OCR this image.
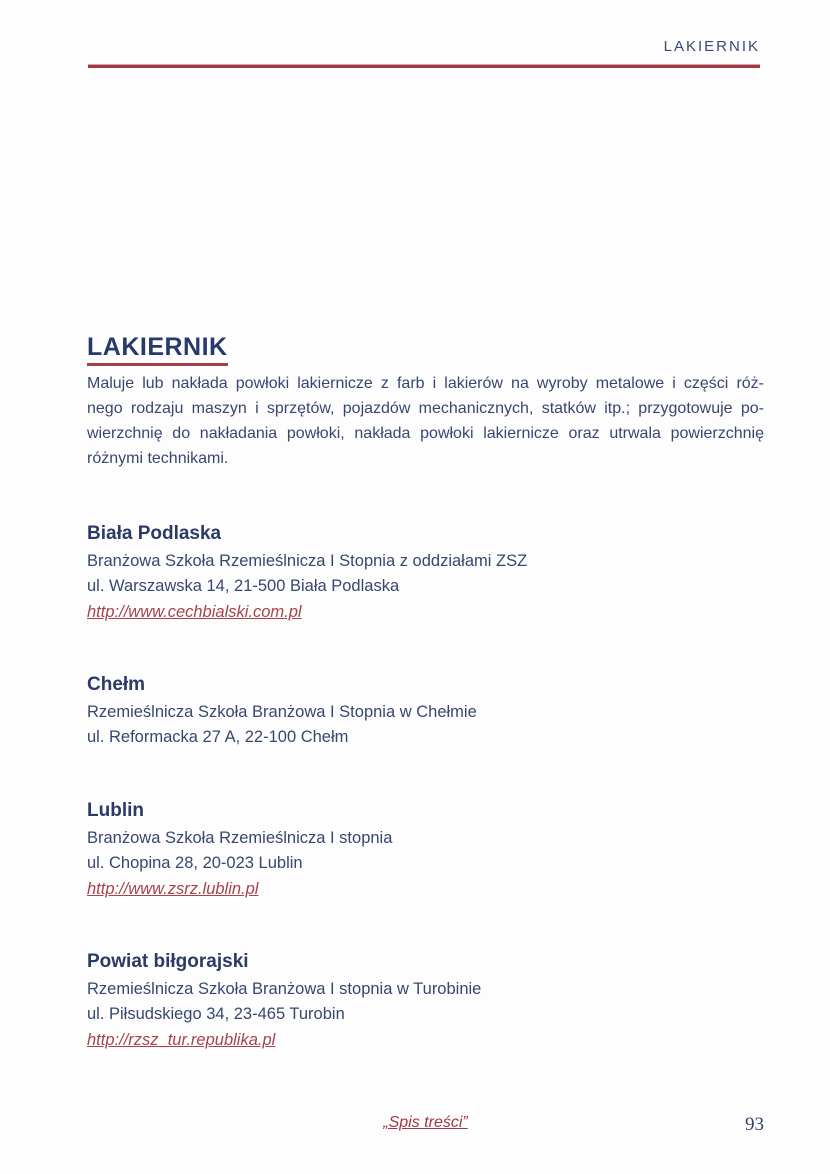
LAKIERNIK
LAKIERNIK
Maluje lub nakłada powłoki lakiernicze z farb i lakierów na wyroby metalowe i części róż-
nego rodzaju maszyn i sprzętów, pojazdów mechanicznych, statków itp.; przygotowuje po-
wierzchnię do nakładania powłoki, nakłada powłoki lakiernicze oraz utrwala powierzchnię
różnymi technikami.
Biała Podlaska
Branżowa Szkoła Rzemieślnicza I Stopnia z oddziałami ZSZ
ul. Warszawska 14, 21-500 Biała Podlaska
http://www.cechbialski.com.pl
Chełm
Rzemieślnicza Szkoła Branżowa I Stopnia w Chełmie
ul. Reformacka 27 A, 22-100 Chełm
Lublin
Branżowa Szkoła Rzemieślnicza I stopnia
ul. Chopina 28, 20-023 Lublin
http://www.zsrz.lublin.pl
Powiat biłgorajski
Rzemieślnicza Szkoła Branżowa I stopnia w Turobinie
ul. Piłsudskiego 34, 23-465 Turobin
http://rzsz_tur.republika.pl
„Spis treści”	93
